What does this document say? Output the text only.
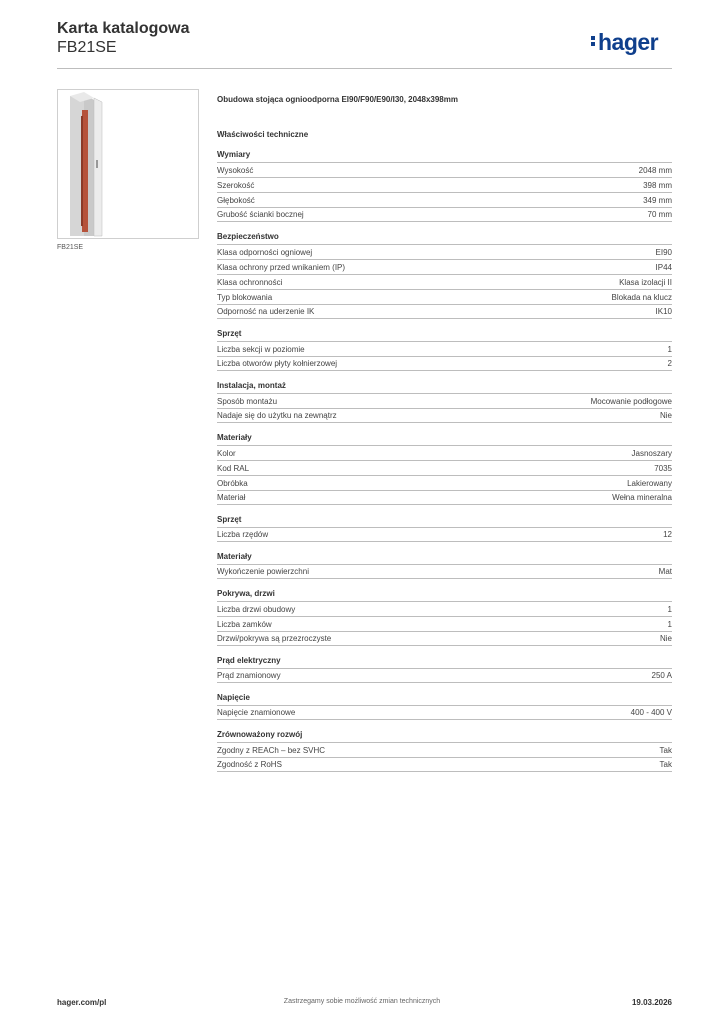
Karta katalogowa
FB21SE	hager
FB21SE
Obudowa stojąca ognioodporna EI90/F90/E90/I30, 2048x398mm
Właściwości techniczne
Wymiary
Wysokość	2048 mm
Szerokość	398 mm
Głębokość	349 mm
Grubość ścianki bocznej	70 mm
Bezpieczeństwo
Klasa odporności ogniowej	EI90
Klasa ochrony przed wnikaniem (IP)	IP44
Klasa ochronności	Klasa izolacji II
Typ blokowania	Blokada na klucz
Odporność na uderzenie IK	IK10
Sprzęt
Liczba sekcji w poziomie	1
Liczba otworów płyty kołnierzowej	2
Instalacja, montaż
Sposób montażu	Mocowanie podłogowe
Nadaje się do użytku na zewnątrz	Nie
Materiały
Kolor	Jasnoszary
Kod RAL	7035
Obróbka	Lakierowany
Materiał	Wełna mineralna
Sprzęt
Liczba rzędów	12
Materiały
Wykończenie powierzchni	Mat
Pokrywa, drzwi
Liczba drzwi obudowy	1
Liczba zamków	1
Drzwi/pokrywa są przezroczyste	Nie
Prąd elektryczny
Prąd znamionowy	250 A
Napięcie
Napięcie znamionowe	400 - 400 V
Zrównoważony rozwój
Zgodny z REACh – bez SVHC	Tak
Zgodność z RoHS	Tak
hager.com/pl	Zastrzegamy sobie możliwość zmian technicznych	19.03.2026
